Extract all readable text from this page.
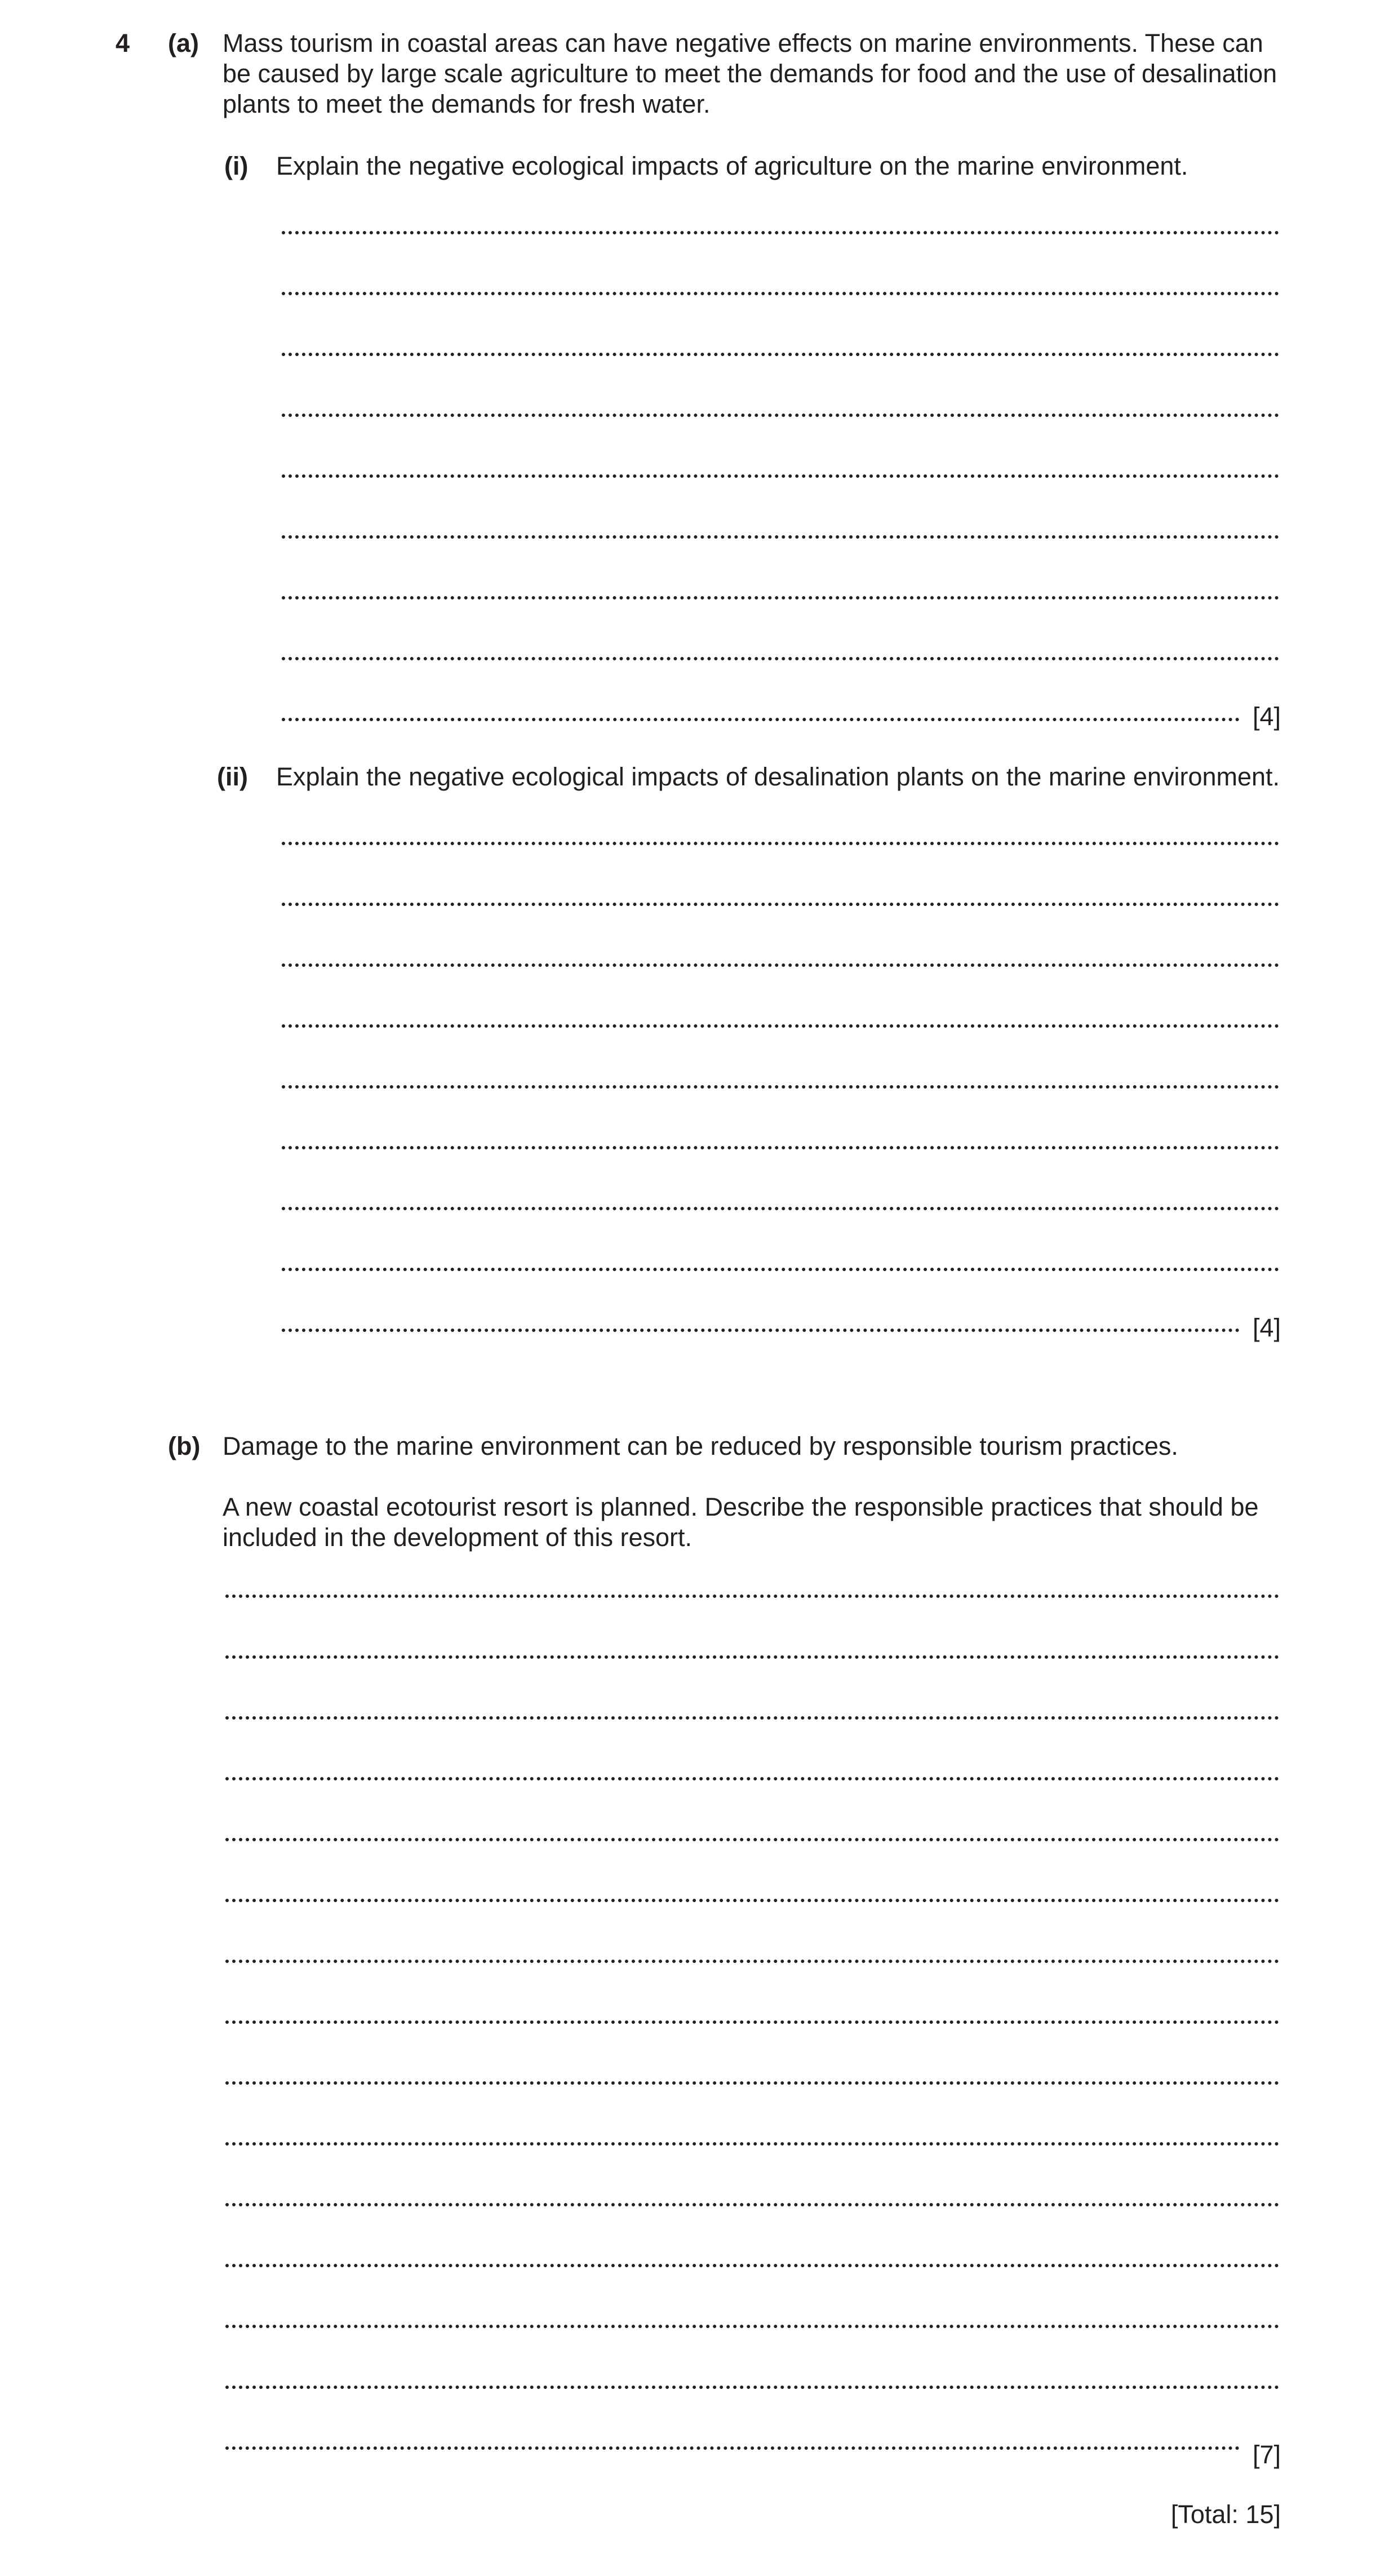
4 (a) Mass tourism in coastal areas can have negative effects on marine environments. These can be caused by large scale agriculture to meet the demands for food and the use of desalination plants to meet the demands for fresh water.
(i) Explain the negative ecological impacts of agriculture on the marine environment.
[4]
(ii) Explain the negative ecological impacts of desalination plants on the marine environment.
[4]
(b) Damage to the marine environment can be reduced by responsible tourism practices.
A new coastal ecotourist resort is planned. Describe the responsible practices that should be included in the development of this resort.
[7]
[Total: 15]
